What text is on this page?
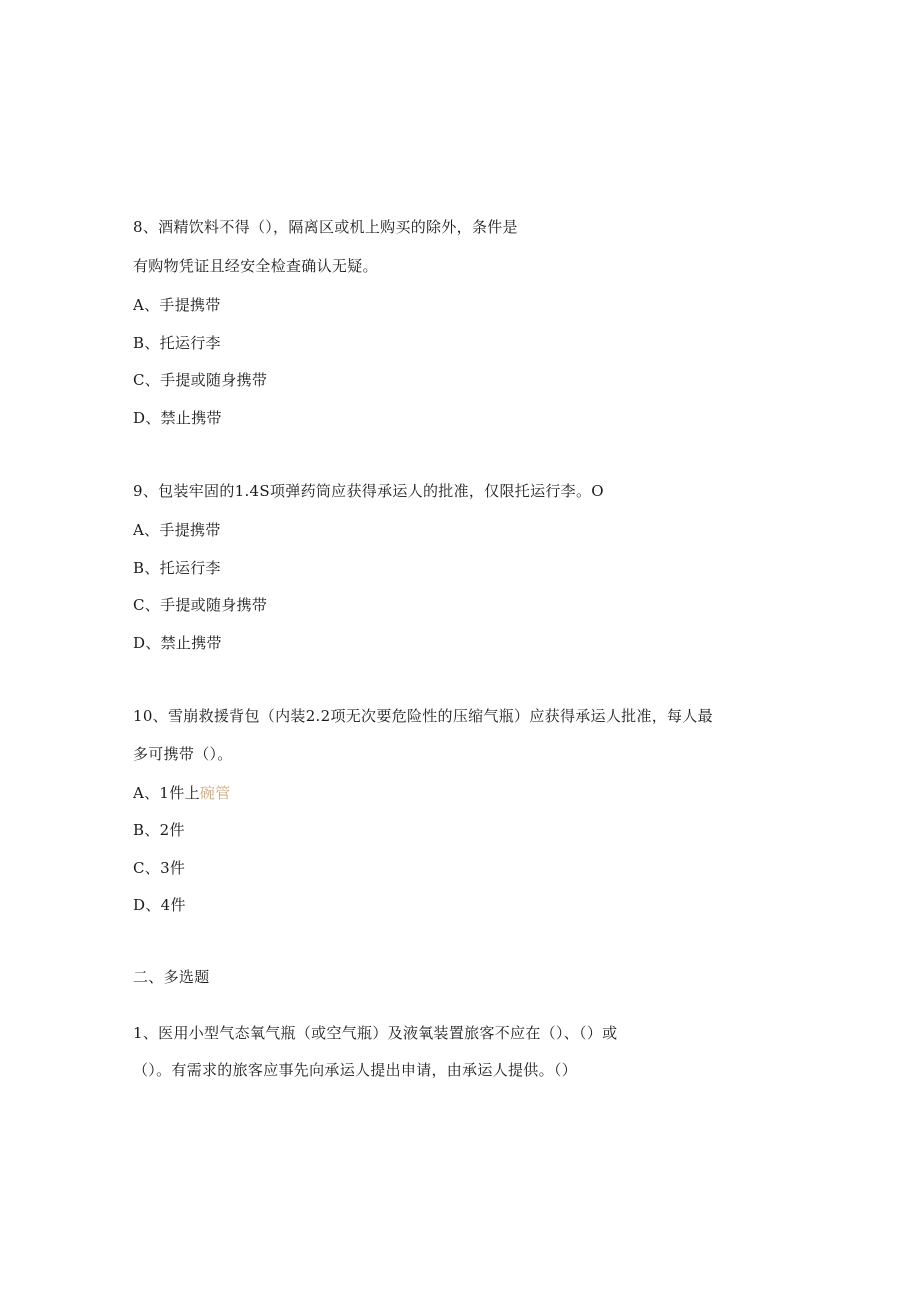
8、酒精饮料不得（），隔离区或机上购买的除外，条件是
有购物凭证且经安全检查确认无疑。
A、手提携带
B、托运行李
C、手提或随身携带
D、禁止携带
9、包装牢固的1.4S项弹药筒应获得承运人的批准，仅限托运行李。O
A、手提携带
B、托运行李
C、手提或随身携带
D、禁止携带
10、雪崩救援背包（内装2.2项无次要危险性的压缩气瓶）应获得承运人批准，每人最
多可携带（）。
A、1件上碗管
B、2件
C、3件
D、4件
二、多选题
1、医用小型气态氧气瓶（或空气瓶）及液氧装置旅客不应在（）、（）或
（）。有需求的旅客应事先向承运人提出申请，由承运人提供。（）
